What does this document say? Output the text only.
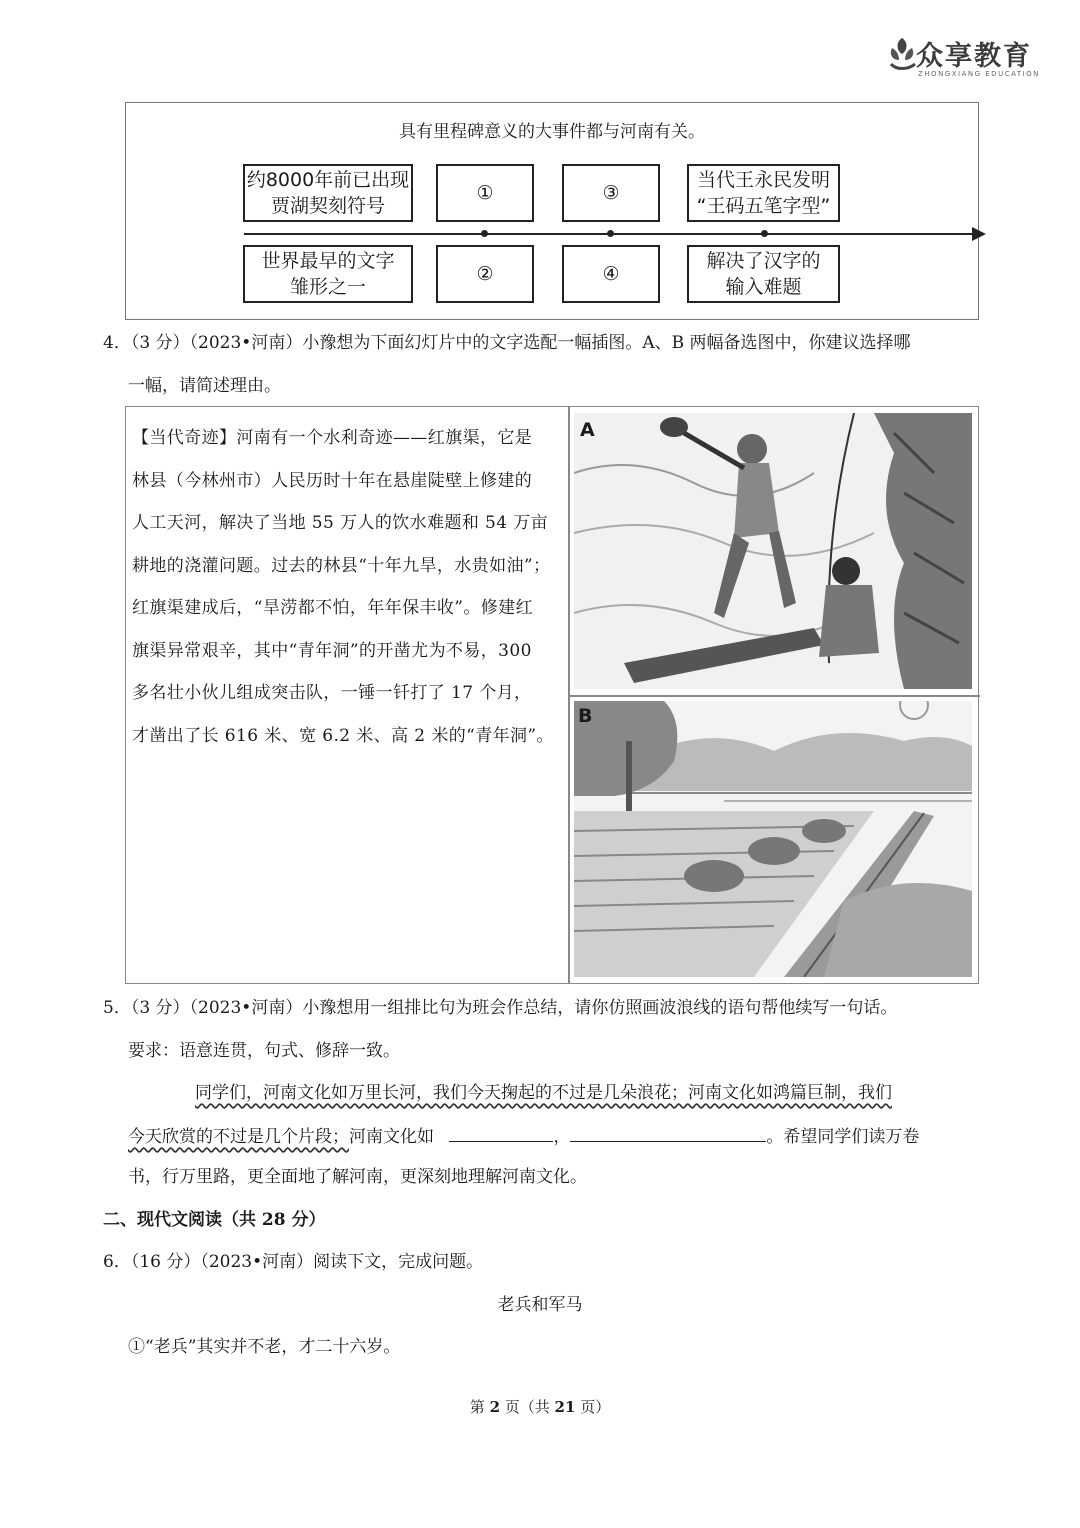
众享教育
ZHONGXIANG EDUCATION
具有里程碑意义的大事件都与河南有关。
约8000年前已出现
贾湖契刻符号
①	③
当代王永民发明
“王码五笔字型”
世界最早的文字
雏形之一
②	④
解决了汉字的
输入难题
4．（3 分）（2023•河南）小豫想为下面幻灯片中的文字选配一幅插图。A、B 两幅备选图中，你建议选择哪
一幅，请简述理由。
【当代奇迹】河南有一个水利奇迹——红旗渠，它是
林县（今林州市）人民历时十年在悬崖陡壁上修建的
人工天河，解决了当地 55 万人的饮水难题和 54 万亩
耕地的浇灌问题。过去的林县“十年九旱，水贵如油”；
红旗渠建成后，“旱涝都不怕，年年保丰收”。修建红
旗渠异常艰辛，其中“青年洞”的开凿尤为不易，300
多名壮小伙儿组成突击队，一锤一钎打了 17 个月，
才凿出了长 616 米、宽 6.2 米、高 2 米的“青年洞”。
A
B
5．（3 分）（2023•河南）小豫想用一组排比句为班会作总结，请你仿照画波浪线的语句帮他续写一句话。
要求：语意连贯，句式、修辞一致。
同学们，河南文化如万里长河，我们今天掬起的不过是几朵浪花；河南文化如鸿篇巨制，我们
今天欣赏的不过是几个片段；河南文化如	，	。希望同学们读万卷
书，行万里路，更全面地了解河南，更深刻地理解河南文化。
二、现代文阅读（共 28 分）
6．（16 分）（2023•河南）阅读下文，完成问题。
老兵和军马
①“老兵”其实并不老，才二十六岁。
第 2 页（共 21 页）
